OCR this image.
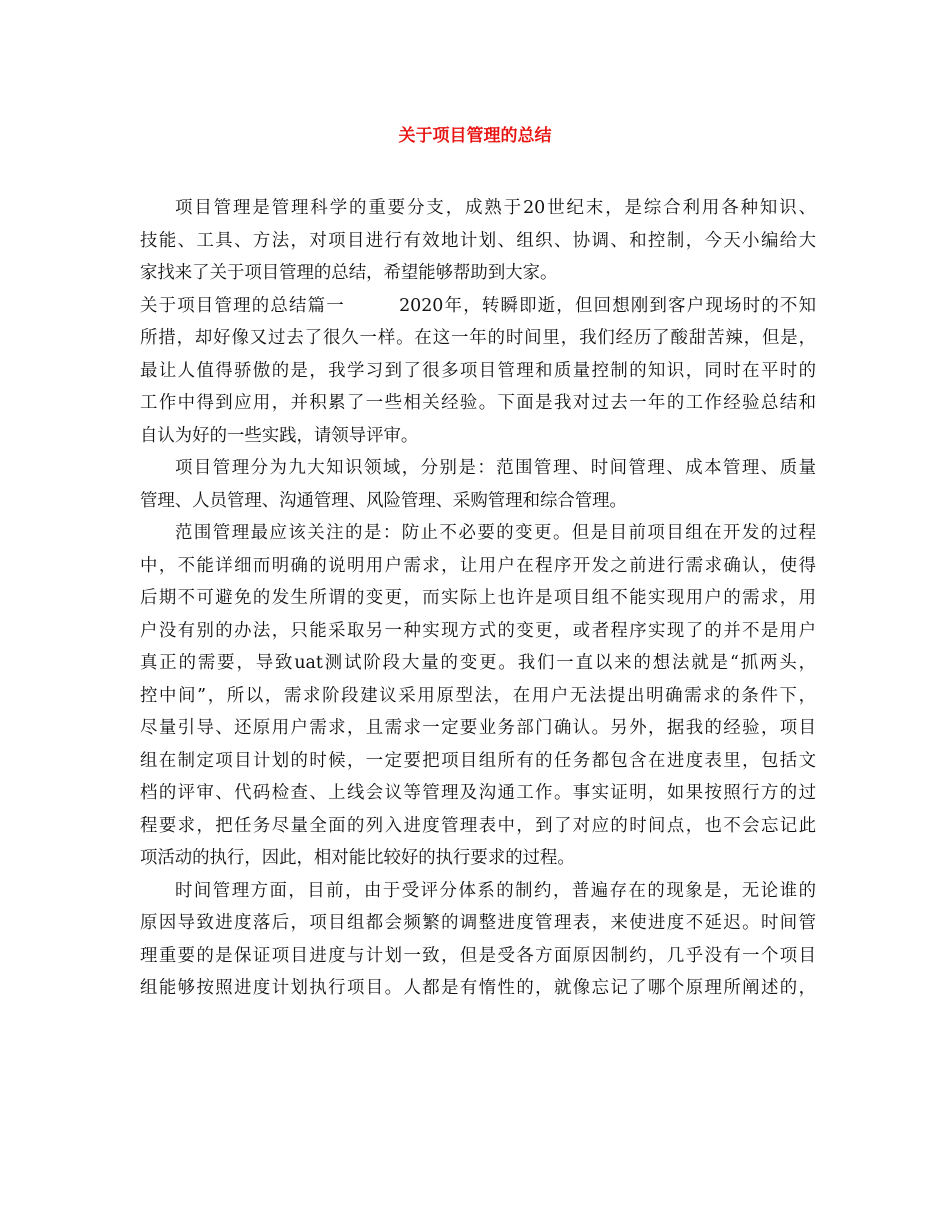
关于项目管理的总结
项目管理是管理科学的重要分支，成熟于20世纪末，是综合利用各种知识、
技能、工具、方法，对项目进行有效地计划、组织、协调、和控制，今天小编给大
家找来了关于项目管理的总结，希望能够帮助到大家。
关于项目管理的总结篇一        2020年，转瞬即逝，但回想刚到客户现场时的不知
所措，却好像又过去了很久一样。在这一年的时间里，我们经历了酸甜苦辣，但是，
最让人值得骄傲的是，我学习到了很多项目管理和质量控制的知识，同时在平时的
工作中得到应用，并积累了一些相关经验。下面是我对过去一年的工作经验总结和
自认为好的一些实践，请领导评审。
项目管理分为九大知识领域，分别是：范围管理、时间管理、成本管理、质量
管理、人员管理、沟通管理、风险管理、采购管理和综合管理。
范围管理最应该关注的是：防止不必要的变更。但是目前项目组在开发的过程
中，不能详细而明确的说明用户需求，让用户在程序开发之前进行需求确认，使得
后期不可避免的发生所谓的变更，而实际上也许是项目组不能实现用户的需求，用
户没有别的办法，只能采取另一种实现方式的变更，或者程序实现了的并不是用户
真正的需要，导致uat测试阶段大量的变更。我们一直以来的想法就是“抓两头，
控中间”，所以，需求阶段建议采用原型法，在用户无法提出明确需求的条件下，
尽量引导、还原用户需求，且需求一定要业务部门确认。另外，据我的经验，项目
组在制定项目计划的时候，一定要把项目组所有的任务都包含在进度表里，包括文
档的评审、代码检查、上线会议等管理及沟通工作。事实证明，如果按照行方的过
程要求，把任务尽量全面的列入进度管理表中，到了对应的时间点，也不会忘记此
项活动的执行，因此，相对能比较好的执行要求的过程。
时间管理方面，目前，由于受评分体系的制约，普遍存在的现象是，无论谁的
原因导致进度落后，项目组都会频繁的调整进度管理表，来使进度不延迟。时间管
理重要的是保证项目进度与计划一致，但是受各方面原因制约，几乎没有一个项目
组能够按照进度计划执行项目。人都是有惰性的，就像忘记了哪个原理所阐述的，
